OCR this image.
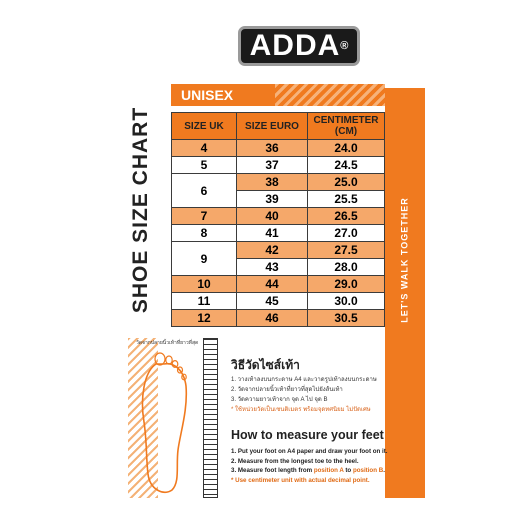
ADDA ®
SHOE SIZE CHART	LET'S WALK TOGETHER
UNISEX
SIZE UK	SIZE EURO	CENTIMETER (CM)
4	36	24.0
5	37	24.5
6	38	25.0
	39	25.5
7	40	26.5
8	41	27.0
9	42	27.5
	43	28.0
10	44	29.0
11	45	30.0
12	46	30.5
วัดจากปลายนิ้วเท้าที่ยาวที่สุด
วิธีวัดไซส์เท้า
1. วางเท้าลงบนกระดาษ A4 และวาดรูปเท้าลงบนกระดาษ
2. วัดจากปลายนิ้วเท้าที่ยาวที่สุดไปยังส้นเท้า
3. วัดความยาวเท้าจาก จุด A ไป จุด B
* ใช้หน่วยวัดเป็นเซนติเมตร พร้อมจุดทศนิยม ไม่ปัดเศษ
How to measure your feet
1. Put your foot on A4 paper and draw your foot on it.
2. Measure from the longest toe to the heel.
3. Measure foot length from position A to position B.
* Use centimeter unit with actual decimal point.
